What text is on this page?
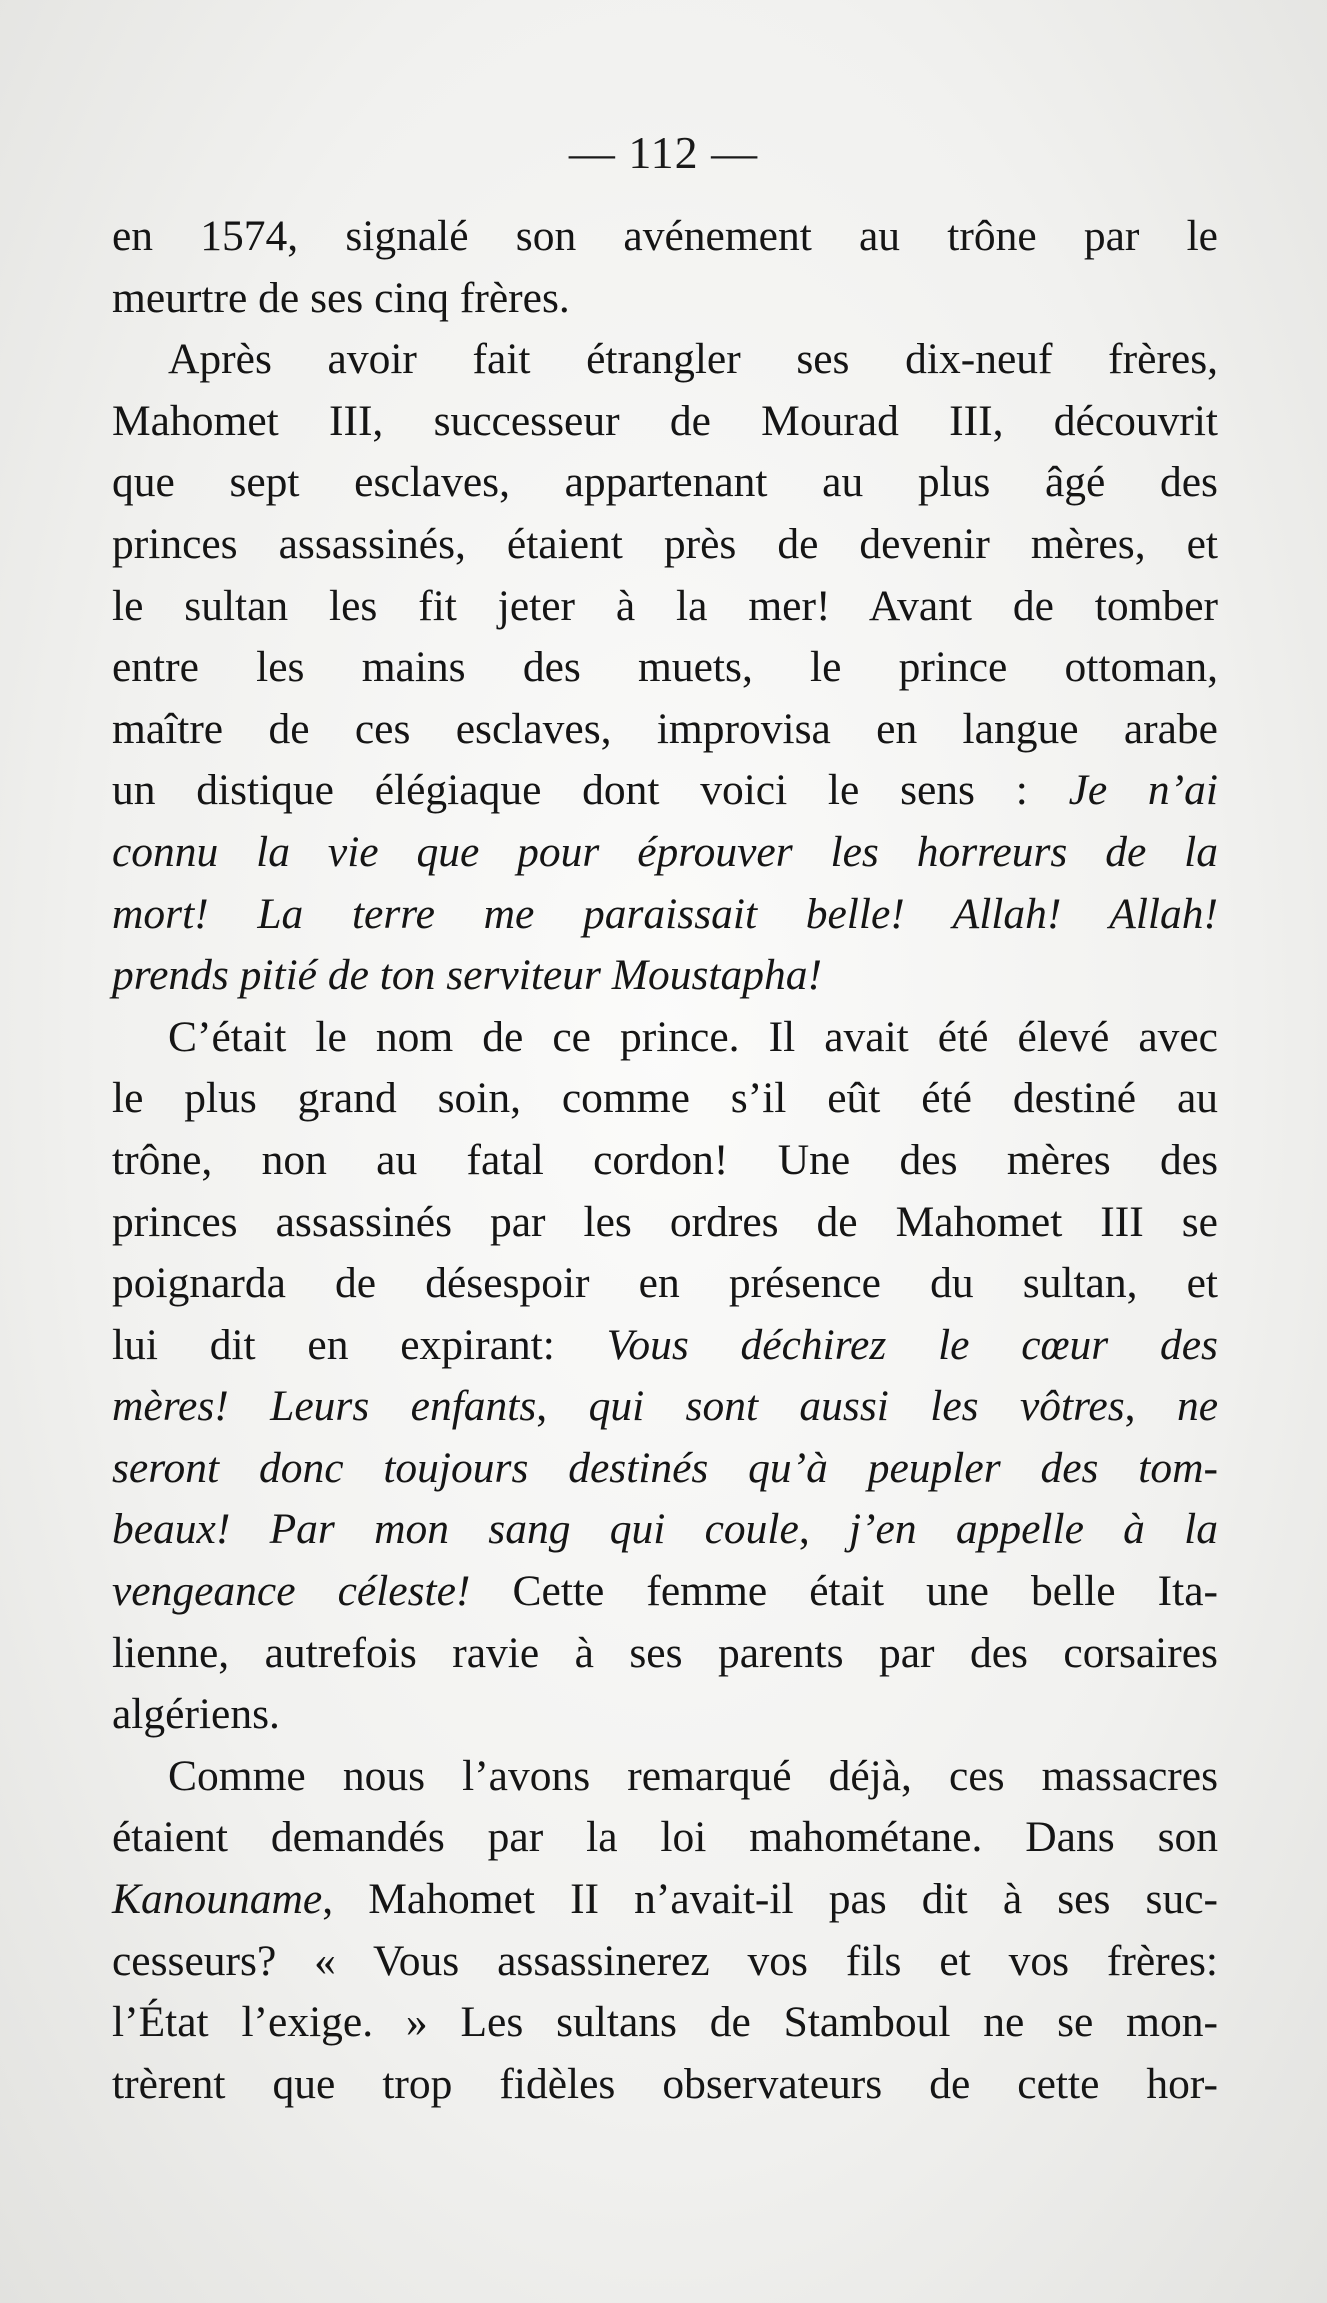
— 112 —
en 1574, signalé son avénement au trône par le
meurtre de ses cinq frères.
Après avoir fait étrangler ses dix-neuf frères,
Mahomet III, successeur de Mourad III, découvrit
que sept esclaves, appartenant au plus âgé des
princes assassinés, étaient près de devenir mères, et
le sultan les fit jeter à la mer! Avant de tomber
entre les mains des muets, le prince ottoman,
maître de ces esclaves, improvisa en langue arabe
un distique élégiaque dont voici le sens : Je n’ai
connu la vie que pour éprouver les horreurs de la
mort! La terre me paraissait belle! Allah! Allah!
prends pitié de ton serviteur Moustapha!
C’était le nom de ce prince. Il avait été élevé avec
le plus grand soin, comme s’il eût été destiné au
trône, non au fatal cordon! Une des mères des
princes assassinés par les ordres de Mahomet III se
poignarda de désespoir en présence du sultan, et
lui dit en expirant: Vous déchirez le cœur des
mères! Leurs enfants, qui sont aussi les vôtres, ne
seront donc toujours destinés qu’à peupler des tom-
beaux! Par mon sang qui coule, j’en appelle à la
vengeance céleste! Cette femme était une belle Ita-
lienne, autrefois ravie à ses parents par des corsaires
algériens.
Comme nous l’avons remarqué déjà, ces massacres
étaient demandés par la loi mahométane. Dans son
Kanouname, Mahomet II n’avait-il pas dit à ses suc-
cesseurs? « Vous assassinerez vos fils et vos frères:
l’État l’exige. » Les sultans de Stamboul ne se mon-
trèrent que trop fidèles observateurs de cette hor-
